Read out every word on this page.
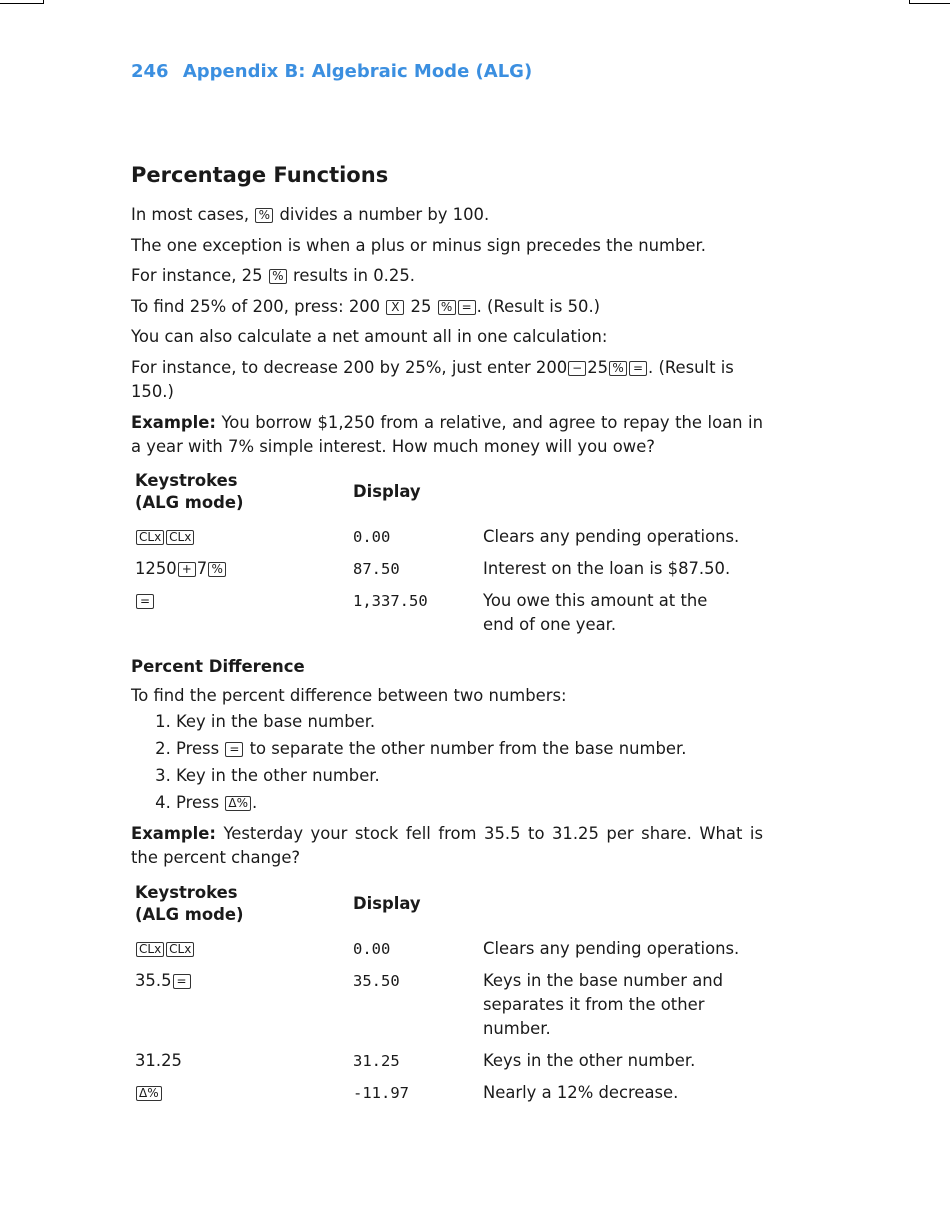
246 Appendix B: Algebraic Mode (ALG)
Percentage Functions

In most cases, % divides a number by 100.

The one exception is when a plus or minus sign precedes the number.

For instance, 25 % results in 0.25.

To find 25% of 200, press: 200 X 25 % = . (Result is 50.)

You can also calculate a net amount all in one calculation:

For instance, to decrease 200 by 25%, just enter 200 − 25 % = . (Result is 150.)

Example: You borrow $1,250 from a relative, and agree to repay the loan in a year with 7% simple interest. How much money will you owe?

Keystrokes
(ALG mode)	Display	
CLx CLx	0.00	Clears any pending operations.
1250 + 7 %	87.50	Interest on the loan is $87.50.
=	1,337.50	You owe this amount at the end of one year.
Percent Difference

To find the percent difference between two numbers:

1. Key in the base number.
2. Press = to separate the other number from the base number.
3. Key in the other number.
4. Press Δ% .

Example: Yesterday your stock fell from 35.5 to 31.25 per share. What is the percent change?

Keystrokes
(ALG mode)	Display	
CLx CLx	0.00	Clears any pending operations.
35.5 =	35.50	Keys in the base number and separates it from the other number.
31.25	31.25	Keys in the other number.
Δ%	-11.97	Nearly a 12% decrease.
